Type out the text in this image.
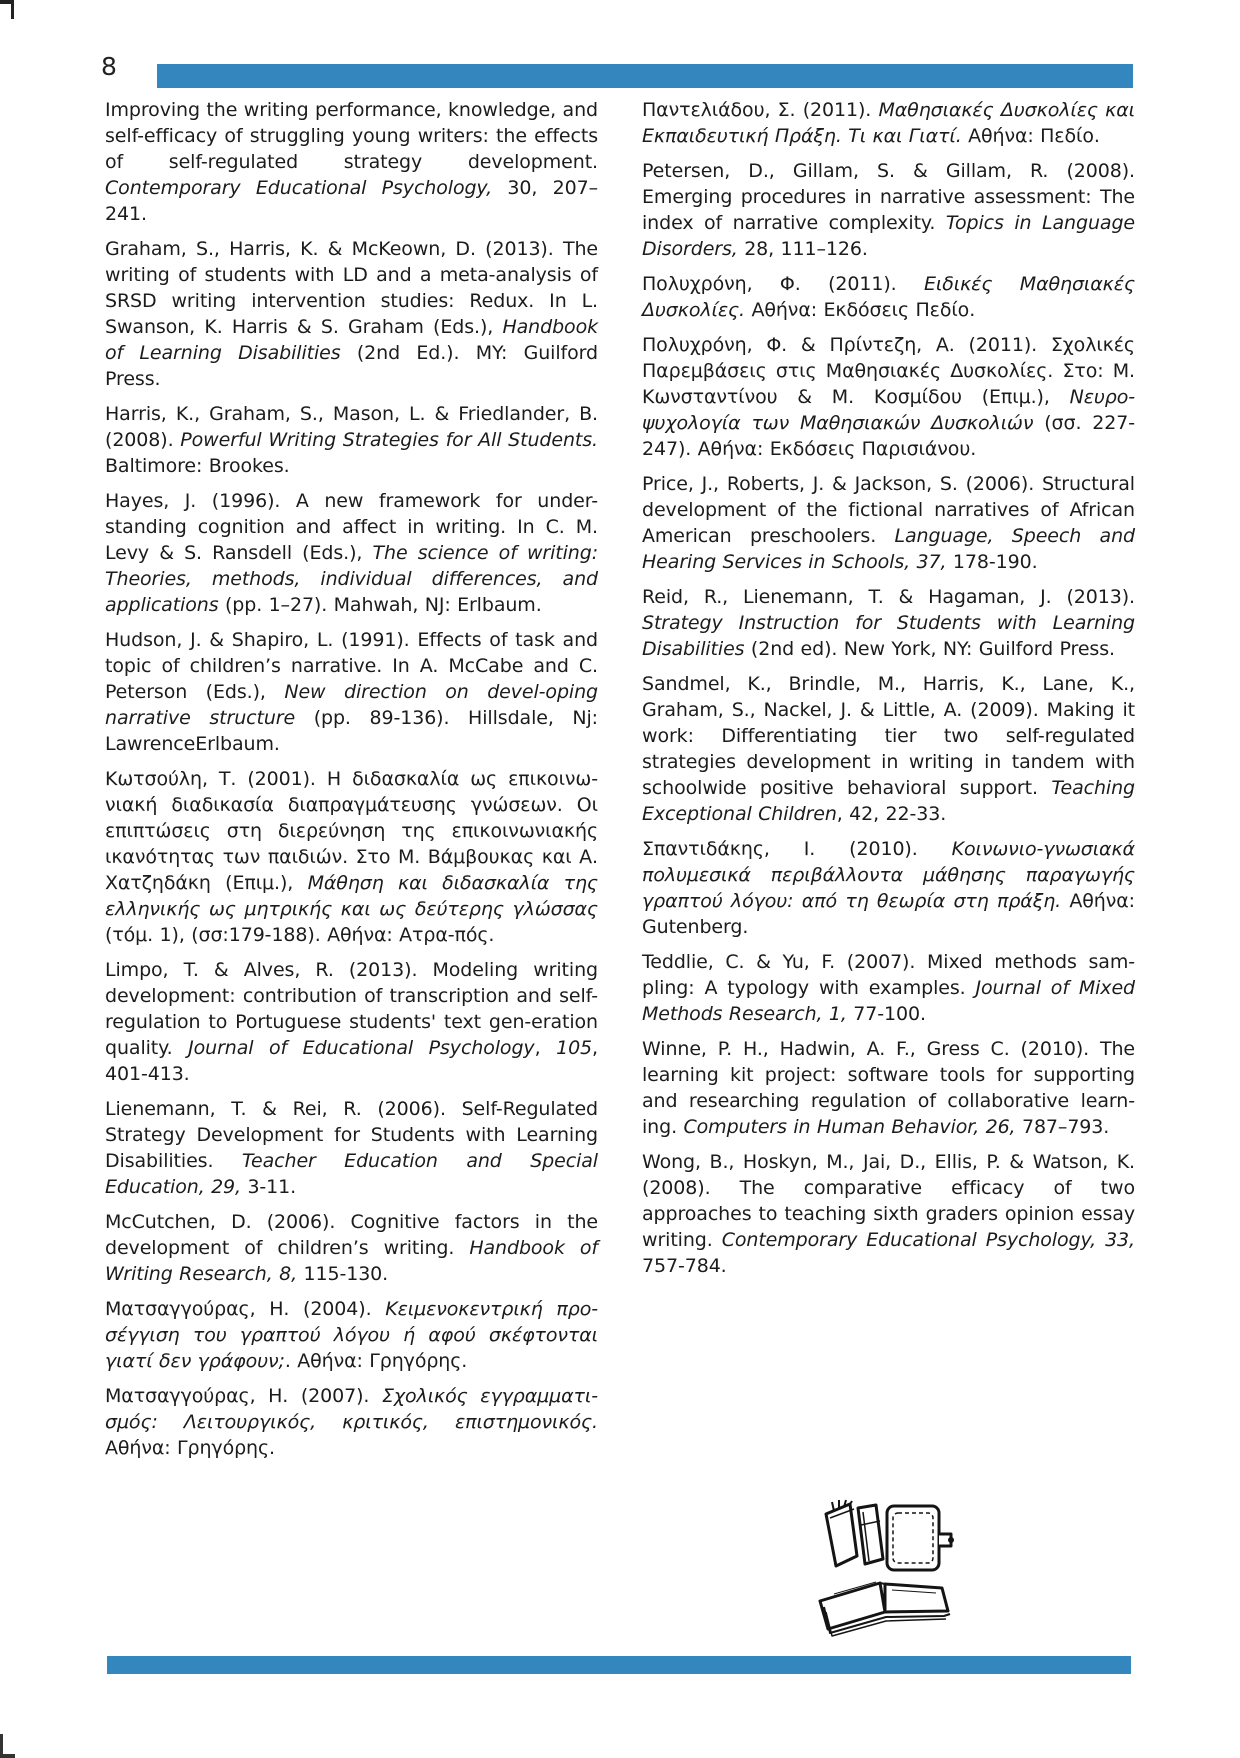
8

Improving the writing performance, knowledge, and self-efficacy of struggling young writers: the effects of self-regulated strategy development. Contemporary Educational Psychology, 30, 207–241.

Graham, S., Harris, K. & McKeown, D. (2013). The writing of students with LD and a meta-analysis of SRSD writing intervention studies: Redux. In L. Swanson, K. Harris & S. Graham (Eds.), Handbook of Learning Disabilities (2nd Ed.). MY: Guilford Press.

Harris, K., Graham, S., Mason, L. & Friedlander, B. (2008). Powerful Writing Strategies for All Students. Baltimore: Brookes.

Hayes, J. (1996). A new framework for under-standing cognition and affect in writing. In C. M. Levy & S. Ransdell (Eds.), The science of writing: Theories, methods, individual differences, and applications (pp. 1–27). Mahwah, NJ: Erlbaum.

Hudson, J. & Shapiro, L. (1991). Effects of task and topic of children’s narrative. In A. McCabe and C. Peterson (Eds.), New direction on devel-oping narrative structure (pp. 89-136). Hillsdale, Nj: LawrenceErlbaum.

Κωτσούλη, Τ. (2001). Η διδασκαλία ως επικοινω-νιακή διαδικασία διαπραγμάτευσης γνώσεων. Οι επιπτώσεις στη διερεύνηση της επικοινωνιακής ικανότητας των παιδιών. Στο Μ. Βάμβουκας και Α. Χατζηδάκη (Επιμ.), Μάθηση και διδασκαλία της ελληνικής ως μητρικής και ως δεύτερης γλώσσας (τόμ. 1), (σσ:179-188). Αθήνα: Ατρα-πός.

Limpo, T. & Alves, R. (2013). Modeling writing development: contribution of transcription and self-regulation to Portuguese students' text gen-eration quality. Journal of Educational Psychology, 105, 401-413.

Lienemann, T. & Rei, R. (2006). Self-Regulated Strategy Development for Students with Learning Disabilities. Teacher Education and Special Education, 29, 3-11.

McCutchen, D. (2006). Cognitive factors in the development of children’s writing. Handbook of Writing Research, 8, 115-130.

Ματσαγγούρας, Η. (2004). Κειμενοκεντρική προ-σέγγιση του γραπτού λόγου ή αφού σκέφτονται γιατί δεν γράφουν;. Αθήνα: Γρηγόρης.

Ματσαγγούρας, Η. (2007). Σχολικός εγγραμματι-σμός: Λειτουργικός, κριτικός, επιστημονικός. Αθήνα: Γρηγόρης.

Παντελιάδου, Σ. (2011). Μαθησιακές Δυσκολίες και Εκπαιδευτική Πράξη. Τι και Γιατί. Αθήνα: Πεδίο.

Petersen, D., Gillam, S. & Gillam, R. (2008). Emerging procedures in narrative assessment: The index of narrative complexity. Topics in Language Disorders, 28, 111–126.

Πολυχρόνη, Φ. (2011). Ειδικές Μαθησιακές Δυσκολίες. Αθήνα: Εκδόσεις Πεδίο.

Πολυχρόνη, Φ. & Πρίντεζη, Α. (2011). Σχολικές Παρεμβάσεις στις Μαθησιακές Δυσκολίες. Στο: Μ. Κωνσταντίνου & Μ. Κοσμίδου (Επιμ.), Νευρο-ψυχολογία των Μαθησιακών Δυσκολιών (σσ. 227- 247). Αθήνα: Εκδόσεις Παρισιάνου.

Price, J., Roberts, J. & Jackson, S. (2006). Structural development of the fictional narratives of African American preschoolers. Language, Speech and Hearing Services in Schools, 37, 178-190.

Reid, R., Lienemann, T. & Hagaman, J. (2013). Strategy Instruction for Students with Learning Disabilities (2nd ed). New York, NY: Guilford Press.

Sandmel, K., Brindle, M., Harris, K., Lane, K., Graham, S., Nackel, J. & Little, A. (2009). Making it work: Differentiating tier two self-regulated strategies development in writing in tandem with schoolwide positive behavioral support. Teaching Exceptional Children, 42, 22-33.

Σπαντιδάκης, Ι. (2010). Κοινωνιο-γνωσιακά πολυμεσικά περιβάλλοντα μάθησης παραγωγής γραπτού λόγου: από τη θεωρία στη πράξη. Αθήνα: Gutenberg.

Teddlie, C. & Yu, F. (2007). Mixed methods sam-pling: A typology with examples. Journal of Mixed Methods Research, 1, 77-100.

Winne, P. H., Hadwin, A. F., Gress C. (2010). The learning kit project: software tools for supporting and researching regulation of collaborative learn-ing. Computers in Human Behavior, 26, 787–793.

Wong, B., Hoskyn, M., Jai, D., Ellis, P. & Watson, K. (2008). The comparative efficacy of two approaches to teaching sixth graders opinion essay writing. Contemporary Educational Psychology, 33, 757-784.
